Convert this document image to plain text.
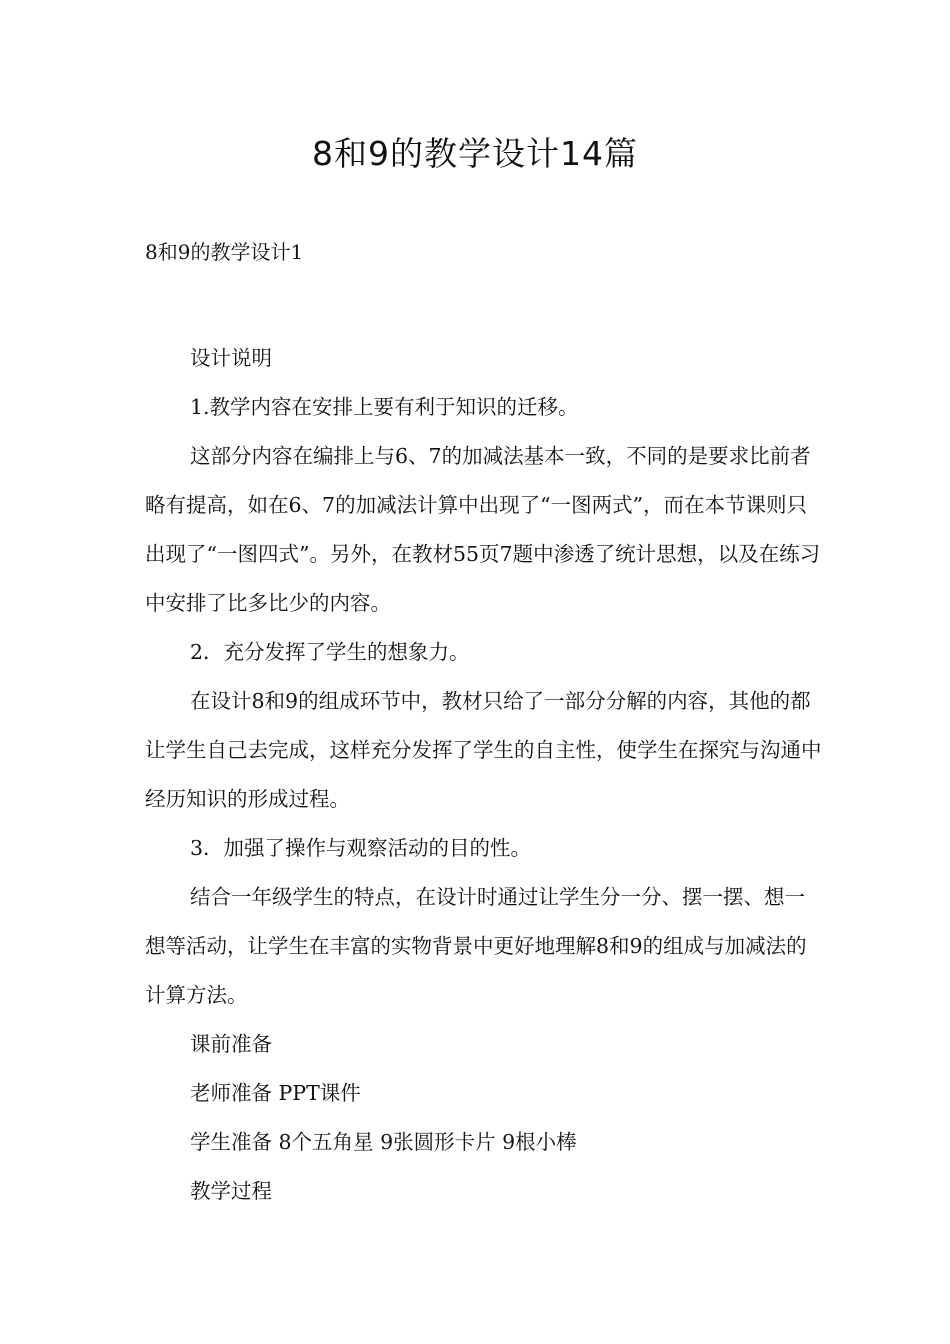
8和9的教学设计14篇
8和9的教学设计1

设计说明

1.教学内容在安排上要有利于知识的迁移。

这部分内容在编排上与6、7的加减法基本一致，不同的是要求比前者略有提高，如在6、7的加减法计算中出现了“一图两式”，而在本节课则只出现了“一图四式”。另外，在教材55页7题中渗透了统计思想，以及在练习中安排了比多比少的内容。

2．充分发挥了学生的想象力。

在设计8和9的组成环节中，教材只给了一部分分解的内容，其他的都让学生自己去完成，这样充分发挥了学生的自主性，使学生在探究与沟通中经历知识的形成过程。

3．加强了操作与观察活动的目的性。

结合一年级学生的特点，在设计时通过让学生分一分、摆一摆、想一想等活动，让学生在丰富的实物背景中更好地理解8和9的组成与加减法的计算方法。

课前准备

老师准备 PPT课件

学生准备 8个五角星 9张圆形卡片 9根小棒

教学过程
